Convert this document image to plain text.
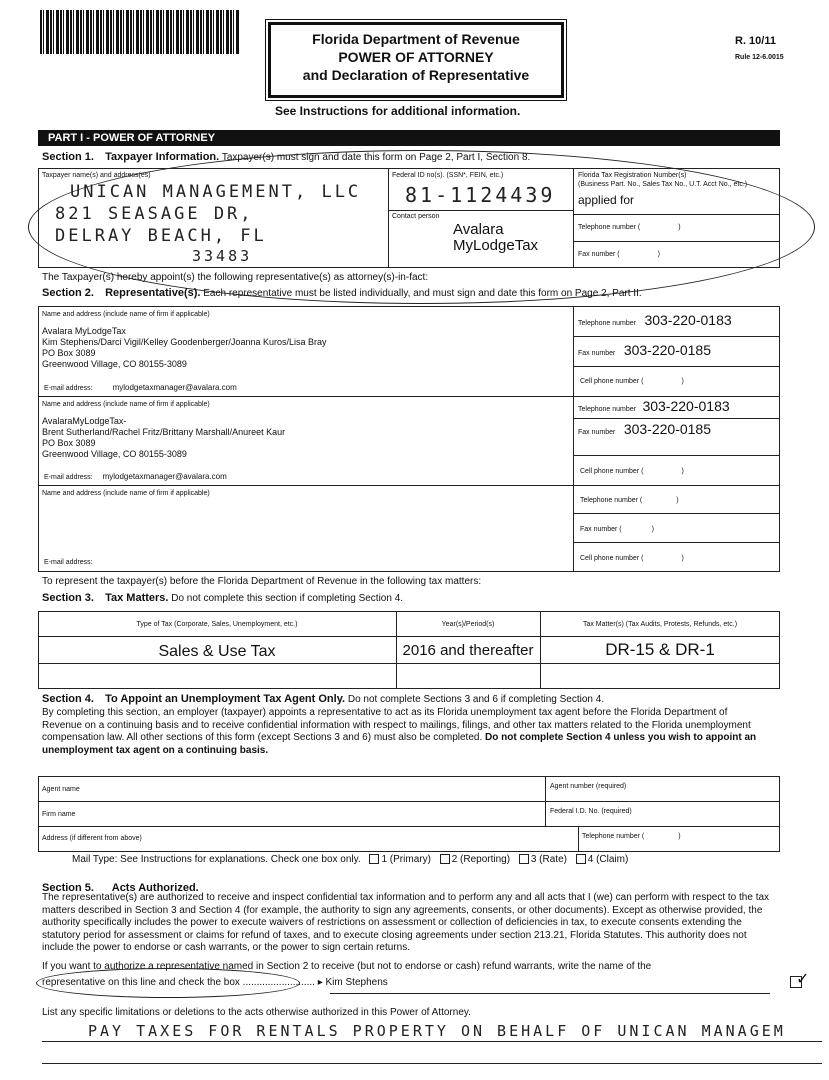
Florida Department of Revenue
POWER OF ATTORNEY
and Declaration of Representative
R. 10/11
Rule 12-6.0015
See Instructions for additional information.
PART I - POWER OF ATTORNEY
Section 1. Taxpayer Information. Taxpayer(s) must sign and date this form on Page 2, Part I, Section 8.
Taxpayer name(s) and address(es)
UNICAN MANAGEMENT, LLC
821 SEASAGE DR,
DELRAY BEACH, FL
33483
Federal ID no(s). (SSN*, FEIN, etc.)
81-1124439
Contact person
Avalara
MyLodgeTax
Florida Tax Registration Number(s)
(Business Part. No., Sales Tax No., U.T. Acct No., etc.)
applied for
Telephone number (	)
Fax number (	)
The Taxpayer(s) hereby appoint(s) the following representative(s) as attorney(s)-in-fact:
Section 2. Representative(s). Each representative must be listed individually, and must sign and date this form on Page 2, Part II.
Name and address (include name of firm if applicable)
Avalara MyLodgeTax
Kim Stephens/Darci Vigil/Kelley Goodenberger/Joanna Kuros/Lisa Bray
PO Box 3089
Greenwood Village, CO 80155-3089
E-mail address: mylodgetaxmanager@avalara.com
Telephone number 303-220-0183
Fax number 303-220-0185
Cell phone number (	)
Name and address (include name of firm if applicable)
AvalaraMyLodgeTax-
Brent Sutherland/Rachel Fritz/Brittany Marshall/Anureet Kaur
PO Box 3089
Greenwood Village, CO 80155-3089
E-mail address: mylodgetaxmanager@avalara.com
Telephone number 303-220-0183
Fax number 303-220-0185
Cell phone number (	)
Name and address (include name of firm if applicable)
E-mail address:
Telephone number (	)
Fax number (	)
Cell phone number (	)
To represent the taxpayer(s) before the Florida Department of Revenue in the following tax matters:
Section 3. Tax Matters. Do not complete this section if completing Section 4.
Type of Tax (Corporate, Sales, Unemployment, etc.)	Year(s)/Period(s)	Tax Matter(s) (Tax Audits, Protests, Refunds, etc.)
Sales & Use Tax	2016 and thereafter	DR-15 & DR-1
Section 4. To Appoint an Unemployment Tax Agent Only. Do not complete Sections 3 and 6 if completing Section 4.
By completing this section, an employer (taxpayer) appoints a representative to act as its Florida unemployment tax agent before the Florida Department of Revenue on a continuing basis and to receive confidential information with respect to mailings, filings, and other tax matters related to the Florida unemployment compensation law. All other sections of this form (except Sections 3 and 6) must also be completed. Do not complete Section 4 unless you wish to appoint an unemployment tax agent on a continuing basis.
Agent name	Agent number (required)
Firm name	Federal I.D. No. (required)
Address (if different from above)	Telephone number (	)
Mail Type: See Instructions for explanations. Check one box only. 1 (Primary) 2 (Reporting) 3 (Rate) 4 (Claim)
Section 5. Acts Authorized.
The representative(s) are authorized to receive and inspect confidential tax information and to perform any and all acts that I (we) can perform with respect to the tax matters described in Section 3 and Section 4 (for example, the authority to sign any agreements, consents, or other documents). Except as otherwise provided, the authority specifically includes the power to execute waivers of restrictions on assessment or collection of deficiencies in tax, to execute consents extending the statutory period for assessment or claims for refund of taxes, and to execute closing agreements under section 213.21, Florida Statutes. This authority does not include the power to endorse or cash warrants, or the power to sign certain returns.
If you want to authorize a representative named in Section 2 to receive (but not to endorse or cash) refund warrants, write the name of the
representative on this line and check the box .......................... ▸ Kim Stephens	✓
List any specific limitations or deletions to the acts otherwise authorized in this Power of Attorney.
PAY TAXES FOR RENTALS PROPERTY ON BEHALF OF UNICAN MANAGEM
